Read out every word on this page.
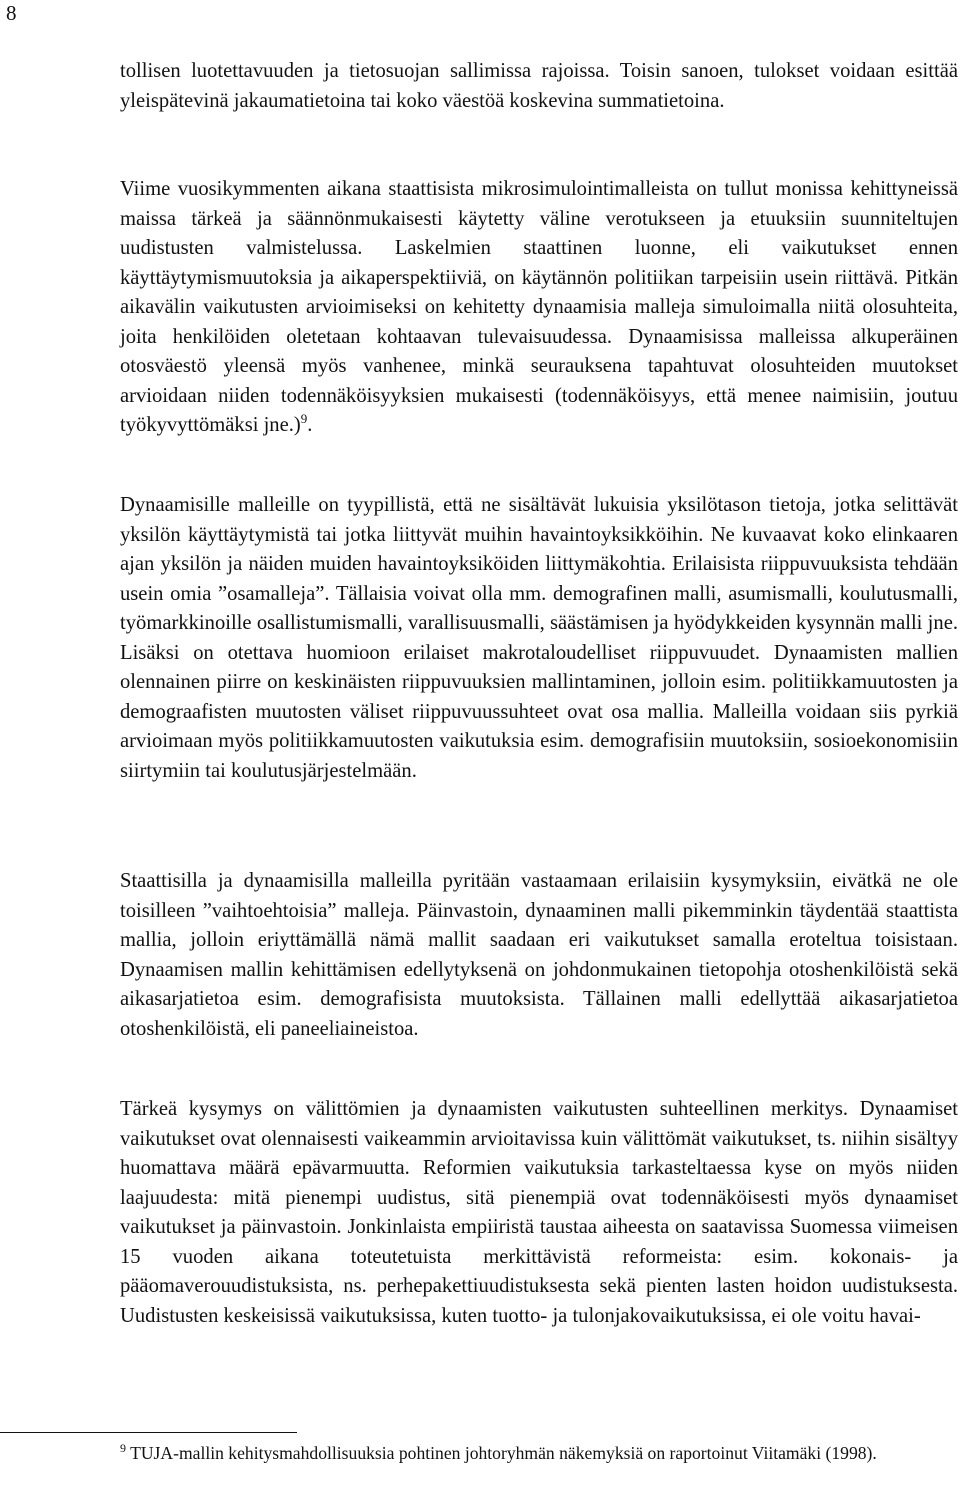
8

tollisen luotettavuuden ja tietosuojan sallimissa rajoissa. Toisin sanoen, tulokset voidaan esittää yleispätevinä jakaumatietoina tai koko väestöä koskevina summatietoina.

Viime vuosikymmenten aikana staattisista mikrosimulointimalleista on tullut monissa kehittyneissä maissa tärkeä ja säännönmukaisesti käytetty väline verotukseen ja etuuksiin suunniteltujen uudistusten valmistelussa. Laskelmien staattinen luonne, eli vaikutukset ennen käyttäytymismuutoksia ja aikaperspektiiviä, on käytännön politiikan tarpeisiin usein riittävä. Pitkän aikavälin vaikutusten arvioimiseksi on kehitetty dynaamisia malleja simuloimalla niitä olosuhteita, joita henkilöiden oletetaan kohtaavan tulevaisuudessa. Dynaamisissa malleissa alkuperäinen otosväestö yleensä myös vanhenee, minkä seurauksena tapahtuvat olosuhteiden muutokset arvioidaan niiden todennäköisyyksien mukaisesti (todennäköisyys, että menee naimisiin, joutuu työkyvyttömäksi jne.)$^9$.

Dynaamisille malleille on tyypillistä, että ne sisältävät lukuisia yksilötason tietoja, jotka selittävät yksilön käyttäytymistä tai jotka liittyvät muihin havaintoyksikköihin. Ne kuvaavat koko elinkaaren ajan yksilön ja näiden muiden havaintoyksiköiden liittymäkohtia. Erilaisista riippuvuuksista tehdään usein omia ”osamalleja”. Tällaisia voivat olla mm. demografinen malli, asumismalli, koulutusmalli, työmarkkinoille osallistumismalli, varallisuusmalli, säästämisen ja hyödykkeiden kysynnän malli jne. Lisäksi on otettava huomioon erilaiset makrotaloudelliset riippuvuudet. Dynaamisten mallien olennainen piirre on keskinäisten riippuvuuksien mallintaminen, jolloin esim. politiikkamuutosten ja demograafisten muutosten väliset riippuvuussuhteet ovat osa mallia. Malleilla voidaan siis pyrkiä arvioimaan myös politiikkamuutosten vaikutuksia esim. demografisiin muutoksiin, sosioekonomisiin siirtymiin tai koulutusjärjestelmään.

Staattisilla ja dynaamisilla malleilla pyritään vastaamaan erilaisiin kysymyksiin, eivätkä ne ole toisilleen ”vaihtoehtoisia” malleja. Päinvastoin, dynaaminen malli pikemminkin täydentää staattista mallia, jolloin eriyttämällä nämä mallit saadaan eri vaikutukset samalla eroteltua toisistaan. Dynaamisen mallin kehittämisen edellytyksenä on johdonmukainen tietopohja otoshenkilöistä sekä aikasarjatietoa esim. demografisista muutoksista. Tällainen malli edellyttää aikasarjatietoa otoshenkilöistä, eli paneeliaineistoa.

Tärkeä kysymys on välittömien ja dynaamisten vaikutusten suhteellinen merkitys. Dynaamiset vaikutukset ovat olennaisesti vaikeammin arvioitavissa kuin välittömät vaikutukset, ts. niihin sisältyy huomattava määrä epävarmuutta. Reformien vaikutuksia tarkasteltaessa kyse on myös niiden laajuudesta: mitä pienempi uudistus, sitä pienempiä ovat todennäköisesti myös dynaamiset vaikutukset ja päinvastoin. Jonkinlaista empiiristä taustaa aiheesta on saatavissa Suomessa viimeisen 15 vuoden aikana toteutetuista merkittävistä reformeista: esim. kokonais- ja pääomaverouudistuksista, ns. perhepakettiuudistuksesta sekä pienten lasten hoidon uudistuksesta. Uudistusten keskeisissä vaikutuksissa, kuten tuotto- ja tulonjakovaikutuksissa, ei ole voitu havai-

$^9$ TUJA-mallin kehitysmahdollisuuksia pohtinen johtoryhmän näkemyksiä on raportoinut Viitamäki (1998).
